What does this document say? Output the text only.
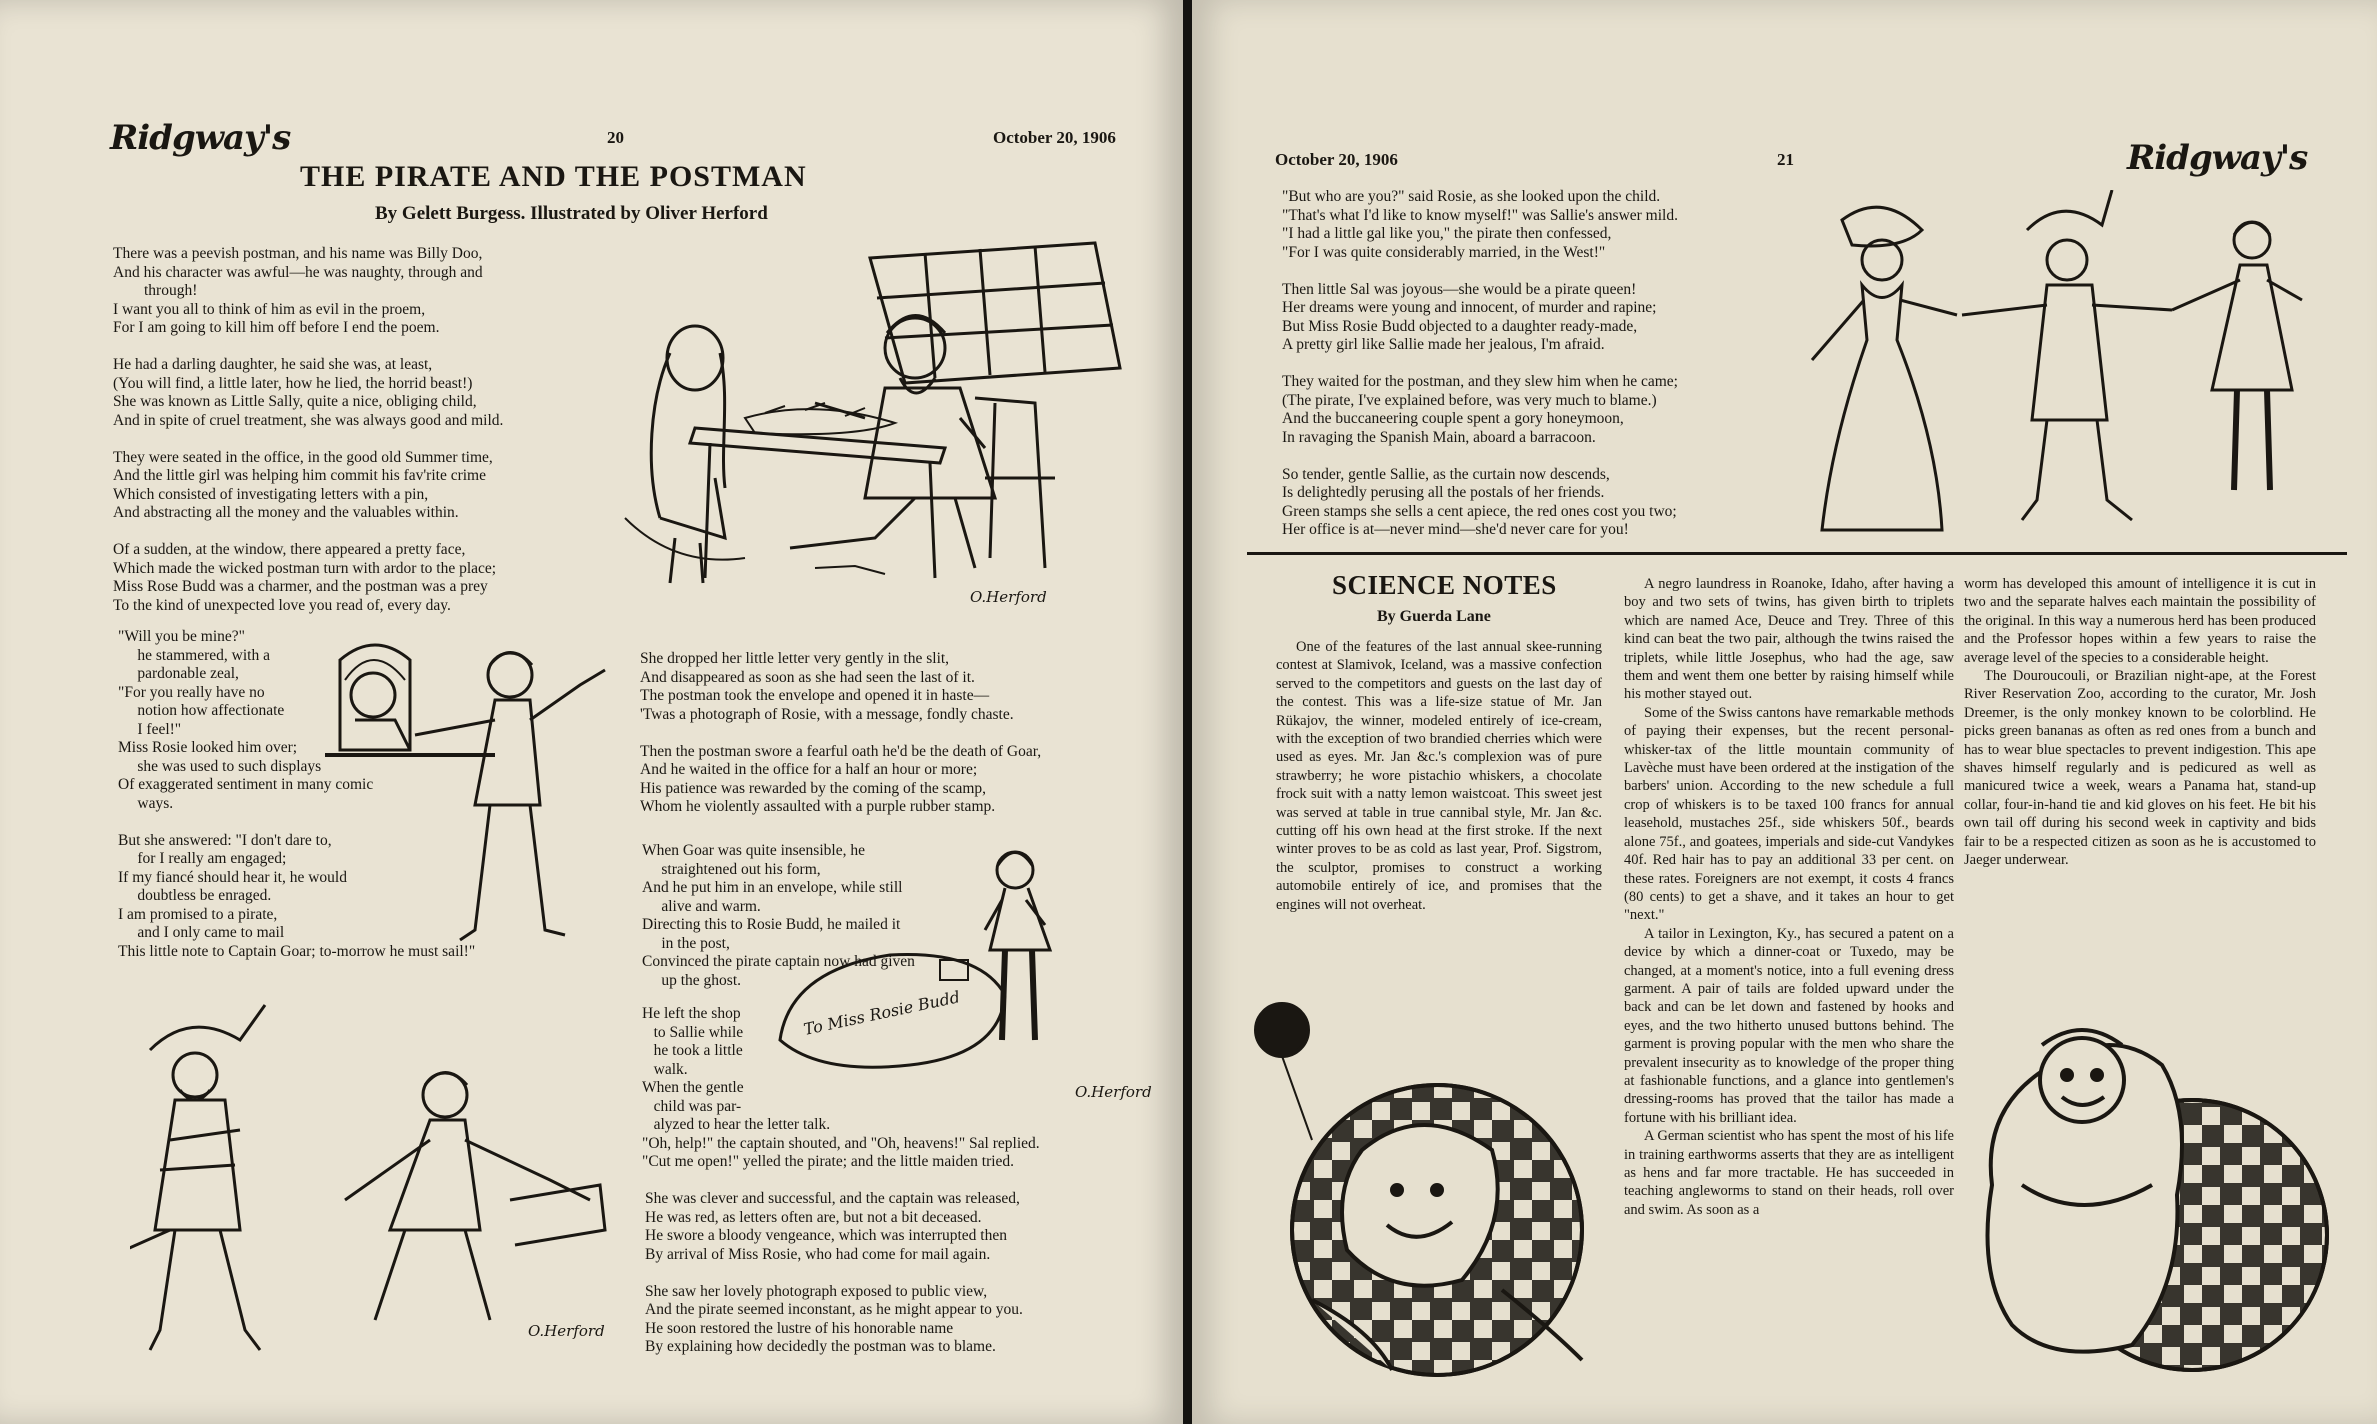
Ridgway's	20	October 20, 1906
THE PIRATE AND THE POSTMAN
By Gelett Burgess. Illustrated by Oliver Herford

There was a peevish postman, and his name was Billy Doo,
And his character was awful—he was naughty, through and
through!
I want you all to think of him as evil in the proem,
For I am going to kill him off before I end the poem.

He had a darling daughter, he said she was, at least,
(You will find, a little later, how he lied, the horrid beast!)
She was known as Little Sally, quite a nice, obliging child,
And in spite of cruel treatment, she was always good and mild.

They were seated in the office, in the good old Summer time,
And the little girl was helping him commit his fav'rite crime
Which consisted of investigating letters with a pin,
And abstracting all the money and the valuables within.

Of a sudden, at the window, there appeared a pretty face,
Which made the wicked postman turn with ardor to the place;
Miss Rose Budd was a charmer, and the postman was a prey
To the kind of unexpected love you read of, every day.	O.Herford

"Will you be mine?"
he stammered, with a
pardonable zeal,
"For you really have no
notion how affectionate
I feel!"
Miss Rosie looked him over;
she was used to such displays
Of exaggerated sentiment in many comic
ways.

But she answered: "I don't dare to,
for I really am engaged;
If my fiancé should hear it, he would
doubtless be enraged.
I am promised to a pirate,
and I only came to mail
This little note to Captain Goar; to-morrow he must sail!"

She dropped her little letter very gently in the slit,
And disappeared as soon as she had seen the last of it.
The postman took the envelope and opened it in haste—
'Twas a photograph of Rosie, with a message, fondly chaste.

Then the postman swore a fearful oath he'd be the death of Goar,
And he waited in the office for a half an hour or more;
His patience was rewarded by the coming of the scamp,
Whom he violently assaulted with a purple rubber stamp.

When Goar was quite insensible, he
straightened out his form,
And he put him in an envelope, while still
alive and warm.
Directing this to Rosie Budd, he mailed it
in the post,
Convinced the pirate captain now had given
up the ghost.

To Miss Rosie Budd
O.Herford

He left the shop
to Sallie while
he took a little
walk.
When the gentle
child was par-
alyzed to hear the letter talk.
"Oh, help!" the captain shouted, and "Oh, heavens!" Sal replied.
"Cut me open!" yelled the pirate; and the little maiden tried.

She was clever and successful, and the captain was released,
He was red, as letters often are, but not a bit deceased.
He swore a bloody vengeance, which was interrupted then
By arrival of Miss Rosie, who had come for mail again.

She saw her lovely photograph exposed to public view,
And the pirate seemed inconstant, as he might appear to you.
He soon restored the lustre of his honorable name
By explaining how decidedly the postman was to blame.

O.Herford
October 20, 1906	21	Ridgway's

"But who are you?" said Rosie, as she looked upon the child.
"That's what I'd like to know myself!" was Sallie's answer mild.
"I had a little gal like you," the pirate then confessed,
"For I was quite considerably married, in the West!"

Then little Sal was joyous—she would be a pirate queen!
Her dreams were young and innocent, of murder and rapine;
But Miss Rosie Budd objected to a daughter ready-made,
A pretty girl like Sallie made her jealous, I'm afraid.

They waited for the postman, and they slew him when he came;
(The pirate, I've explained before, was very much to blame.)
And the buccaneering couple spent a gory honeymoon,
In ravaging the Spanish Main, aboard a barracoon.

So tender, gentle Sallie, as the curtain now descends,
Is delightedly perusing all the postals of her friends.
Green stamps she sells a cent apiece, the red ones cost you two;
Her office is at—never mind—she'd never care for you!

SCIENCE NOTES
By Guerda Lane

One of the features of the last annual skee-running contest at Slamivok, Iceland, was a massive confection served to the competitors and guests on the last day of the contest. This was a life-size statue of Mr. Jan Rükajov, the winner, modeled entirely of ice-cream, with the exception of two brandied cherries which were used as eyes. Mr. Jan &c.'s complexion was of pure strawberry; he wore pistachio whiskers, a chocolate frock suit with a natty lemon waistcoat. This sweet jest was served at table in true cannibal style, Mr. Jan &c. cutting off his own head at the first stroke. If the next winter proves to be as cold as last year, Prof. Sigstrom, the sculptor, promises to construct a working automobile entirely of ice, and promises that the engines will not overheat.

A negro laundress in Roanoke, Idaho, after having a boy and two sets of twins, has given birth to triplets which are named Ace, Deuce and Trey. Three of this kind can beat the two pair, although the twins raised the triplets, while little Josephus, who had the age, saw them and went them one better by raising himself while his mother stayed out.

Some of the Swiss cantons have remarkable methods of paying their expenses, but the recent personal-whisker-tax of the little mountain community of Lavèche must have been ordered at the instigation of the barbers' union. According to the new schedule a full crop of whiskers is to be taxed 100 francs for annual leasehold, mustaches 25f., side whiskers 50f., beards alone 75f., and goatees, imperials and side-cut Vandykes 40f. Red hair has to pay an additional 33 per cent. on these rates. Foreigners are not exempt, it costs 4 francs (80 cents) to get a shave, and it takes an hour to get "next."

A tailor in Lexington, Ky., has secured a patent on a device by which a dinner-coat or Tuxedo, may be changed, at a moment's notice, into a full evening dress garment. A pair of tails are folded upward under the back and can be let down and fastened by hooks and eyes, and the two hitherto unused buttons behind. The garment is proving popular with the men who share the prevalent insecurity as to knowledge of the proper thing at fashionable functions, and a glance into gentlemen's dressing-rooms has proved that the tailor has made a fortune with his brilliant idea.

A German scientist who has spent the most of his life in training earthworms asserts that they are as intelligent as hens and far more tractable. He has succeeded in teaching angleworms to stand on their heads, roll over and swim. As soon as a

worm has developed this amount of intelligence it is cut in two and the separate halves each maintain the possibility of the original. In this way a numerous herd has been produced and the Professor hopes within a few years to raise the average level of the species to a considerable height.

The Douroucouli, or Brazilian night-ape, at the Forest River Reservation Zoo, according to the curator, Mr. Josh Dreemer, is the only monkey known to be colorblind. He picks green bananas as often as red ones from a bunch and has to wear blue spectacles to prevent indigestion. This ape shaves himself regularly and is pedicured as well as manicured twice a week, wears a Panama hat, stand-up collar, four-in-hand tie and kid gloves on his feet. He bit his own tail off during his second week in captivity and bids fair to be a respected citizen as soon as he is accustomed to Jaeger underwear.
